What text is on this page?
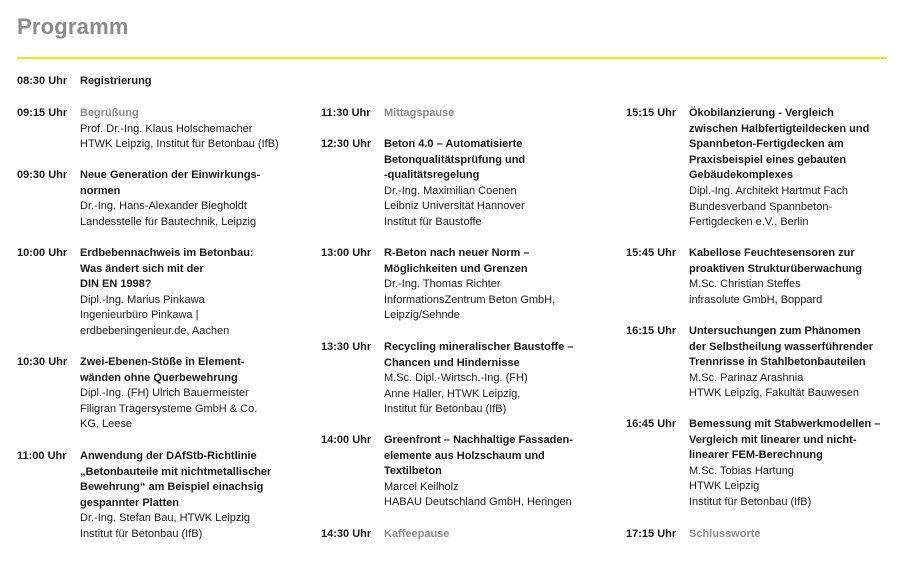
Programm
08:30 Uhr	Registrierung
09:15 Uhr	Begrüßung
Prof. Dr.-Ing. Klaus Holschemacher
HTWK Leipzig, Institut für Betonbau (IfB)
09:30 Uhr	Neue Generation der Einwirkungs-
normen
Dr.-Ing. Hans-Alexander Biegholdt
Landesstelle für Bautechnik, Leipzig
10:00 Uhr	Erdbebennachweis im Betonbau:
Was ändert sich mit der
DIN EN 1998?
Dipl.-Ing. Marius Pinkawa
Ingenieurbüro Pinkawa |
erdbebeningenieur.de, Aachen
10:30 Uhr	Zwei-Ebenen-Stöße in Element-
wänden ohne Querbewehrung
Dipl.-Ing. (FH) Ulrich Bauermeister
Filigran Trägersysteme GmbH & Co.
KG, Leese
11:00 Uhr	Anwendung der DAfStb-Richtlinie
„Betonbauteile mit nichtmetallischer
Bewehrung“ am Beispiel einachsig
gespannter Platten
Dr.-Ing. Stefan Bau, HTWK Leipzig
Institut für Betonbau (IfB)
11:30 Uhr	Mittagspause
12:30 Uhr	Beton 4.0 – Automatisierte
Betonqualitätsprüfung und
-qualitätsregelung
Dr.-Ing. Maximilian Coenen
Leibniz Universität Hannover
Institut für Baustoffe
13:00 Uhr	R-Beton nach neuer Norm –
Möglichkeiten und Grenzen
Dr.-Ing. Thomas Richter
InformationsZentrum Beton GmbH,
Leipzig/Sehnde
13:30 Uhr	Recycling mineralischer Baustoffe –
Chancen und Hindernisse
M.Sc. Dipl.-Wirtsch.-Ing. (FH)
Anne Haller, HTWK Leipzig,
Institut für Betonbau (IfB)
14:00 Uhr	Greenfront – Nachhaltige Fassaden-
elemente aus Holzschaum und
Textilbeton
Marcel Keilholz
HABAU Deutschland GmbH, Heringen
14:30 Uhr	Kaffeepause
15:15 Uhr	Ökobilanzierung - Vergleich
zwischen Halbfertigteildecken und
Spannbeton-Fertigdecken am
Praxisbeispiel eines gebauten
Gebäudekomplexes
Dipl.-Ing. Architekt Hartmut Fach
Bundesverband Spannbeton-
Fertigdecken e.V., Berlin
15:45 Uhr	Kabellose Feuchtesensoren zur
proaktiven Strukturüberwachung
M.Sc. Christian Steffes
infrasolute GmbH, Boppard
16:15 Uhr	Untersuchungen zum Phänomen
der Selbstheilung wasserführender
Trennrisse in Stahlbetonbauteilen
M.Sc. Parinaz Arashnia
HTWK Leipzig, Fakultät Bauwesen
16:45 Uhr	Bemessung mit Stabwerkmodellen –
Vergleich mit linearer und nicht-
linearer FEM-Berechnung
M.Sc. Tobias Hartung
HTWK Leipzig
Institut für Betonbau (IfB)
17:15 Uhr	Schlussworte
